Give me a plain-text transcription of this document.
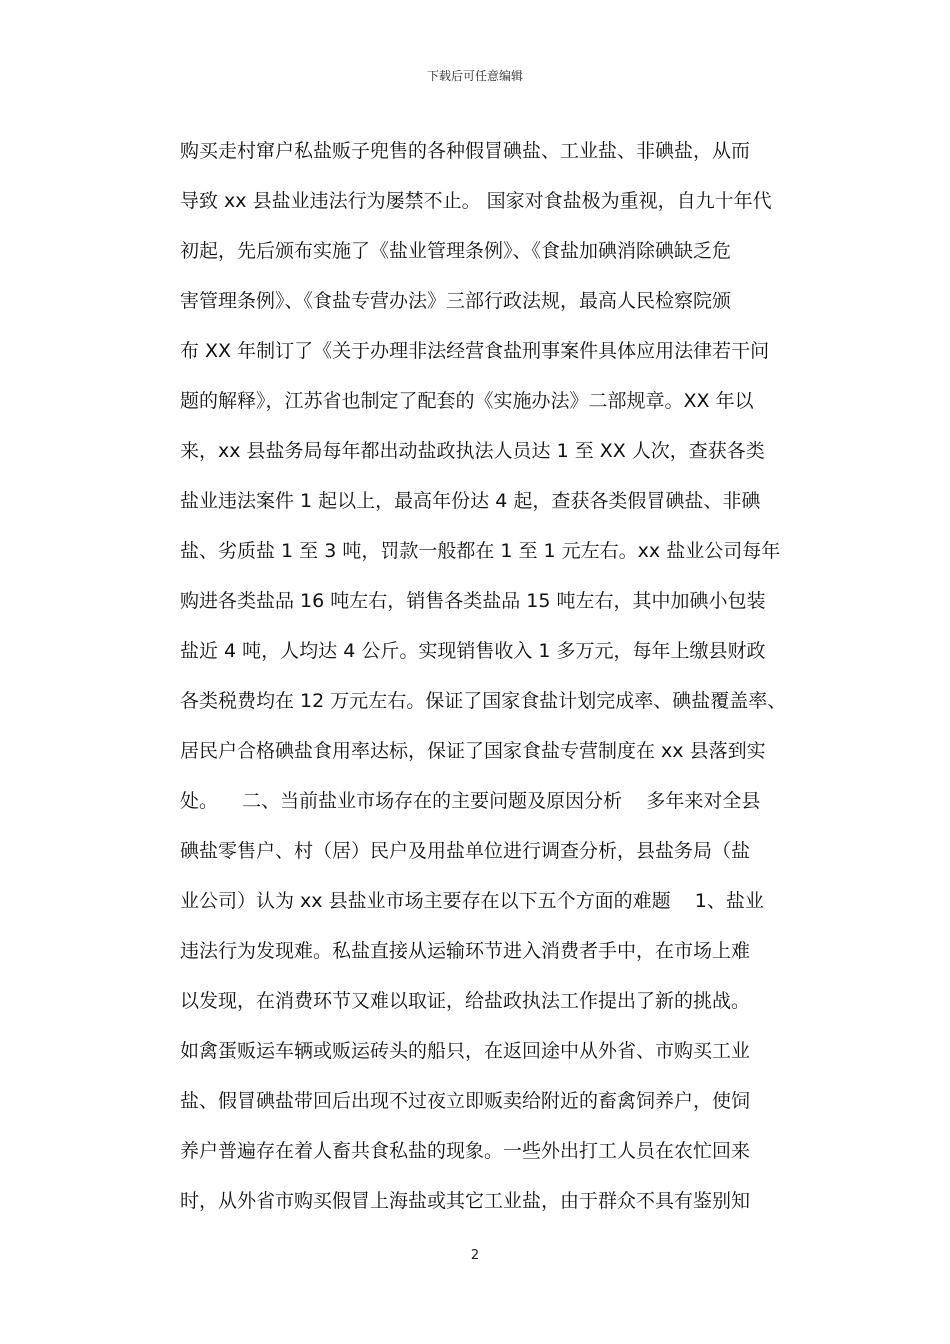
下载后可任意编辑
购买走村窜户私盐贩子兜售的各种假冒碘盐、工业盐、非碘盐，从而
导致 xx 县盐业违法行为屡禁不止。 国家对食盐极为重视，自九十年代
初起，先后颁布实施了《盐业管理条例》、《食盐加碘消除碘缺乏危
害管理条例》、《食盐专营办法》三部行政法规，最高人民检察院颁
布 XX 年制订了《关于办理非法经营食盐刑事案件具体应用法律若干问
题的解释》，江苏省也制定了配套的《实施办法》二部规章。XX 年以
来，xx 县盐务局每年都出动盐政执法人员达 1 至 XX 人次，查获各类
盐业违法案件 1 起以上，最高年份达 4 起，查获各类假冒碘盐、非碘
盐、劣质盐 1 至 3 吨，罚款一般都在 1 至 1 元左右。xx 盐业公司每年
购进各类盐品 16 吨左右，销售各类盐品 15 吨左右，其中加碘小包装
盐近 4 吨，人均达 4 公斤。实现销售收入 1 多万元，每年上缴县财政
各类税费均在 12 万元左右。保证了国家食盐计划完成率、碘盐覆盖率、
居民户合格碘盐食用率达标，保证了国家食盐专营制度在 xx 县落到实
处。    二、当前盐业市场存在的主要问题及原因分析    多年来对全县
碘盐零售户、村（居）民户及用盐单位进行调查分析，县盐务局（盐
业公司）认为 xx 县盐业市场主要存在以下五个方面的难题    1、盐业
违法行为发现难。私盐直接从运输环节进入消费者手中，在市场上难
以发现，在消费环节又难以取证，给盐政执法工作提出了新的挑战。
如禽蛋贩运车辆或贩运砖头的船只，在返回途中从外省、市购买工业
盐、假冒碘盐带回后出现不过夜立即贩卖给附近的畜禽饲养户，使饲
养户普遍存在着人畜共食私盐的现象。一些外出打工人员在农忙回来
时，从外省市购买假冒上海盐或其它工业盐，由于群众不具有鉴别知
2
